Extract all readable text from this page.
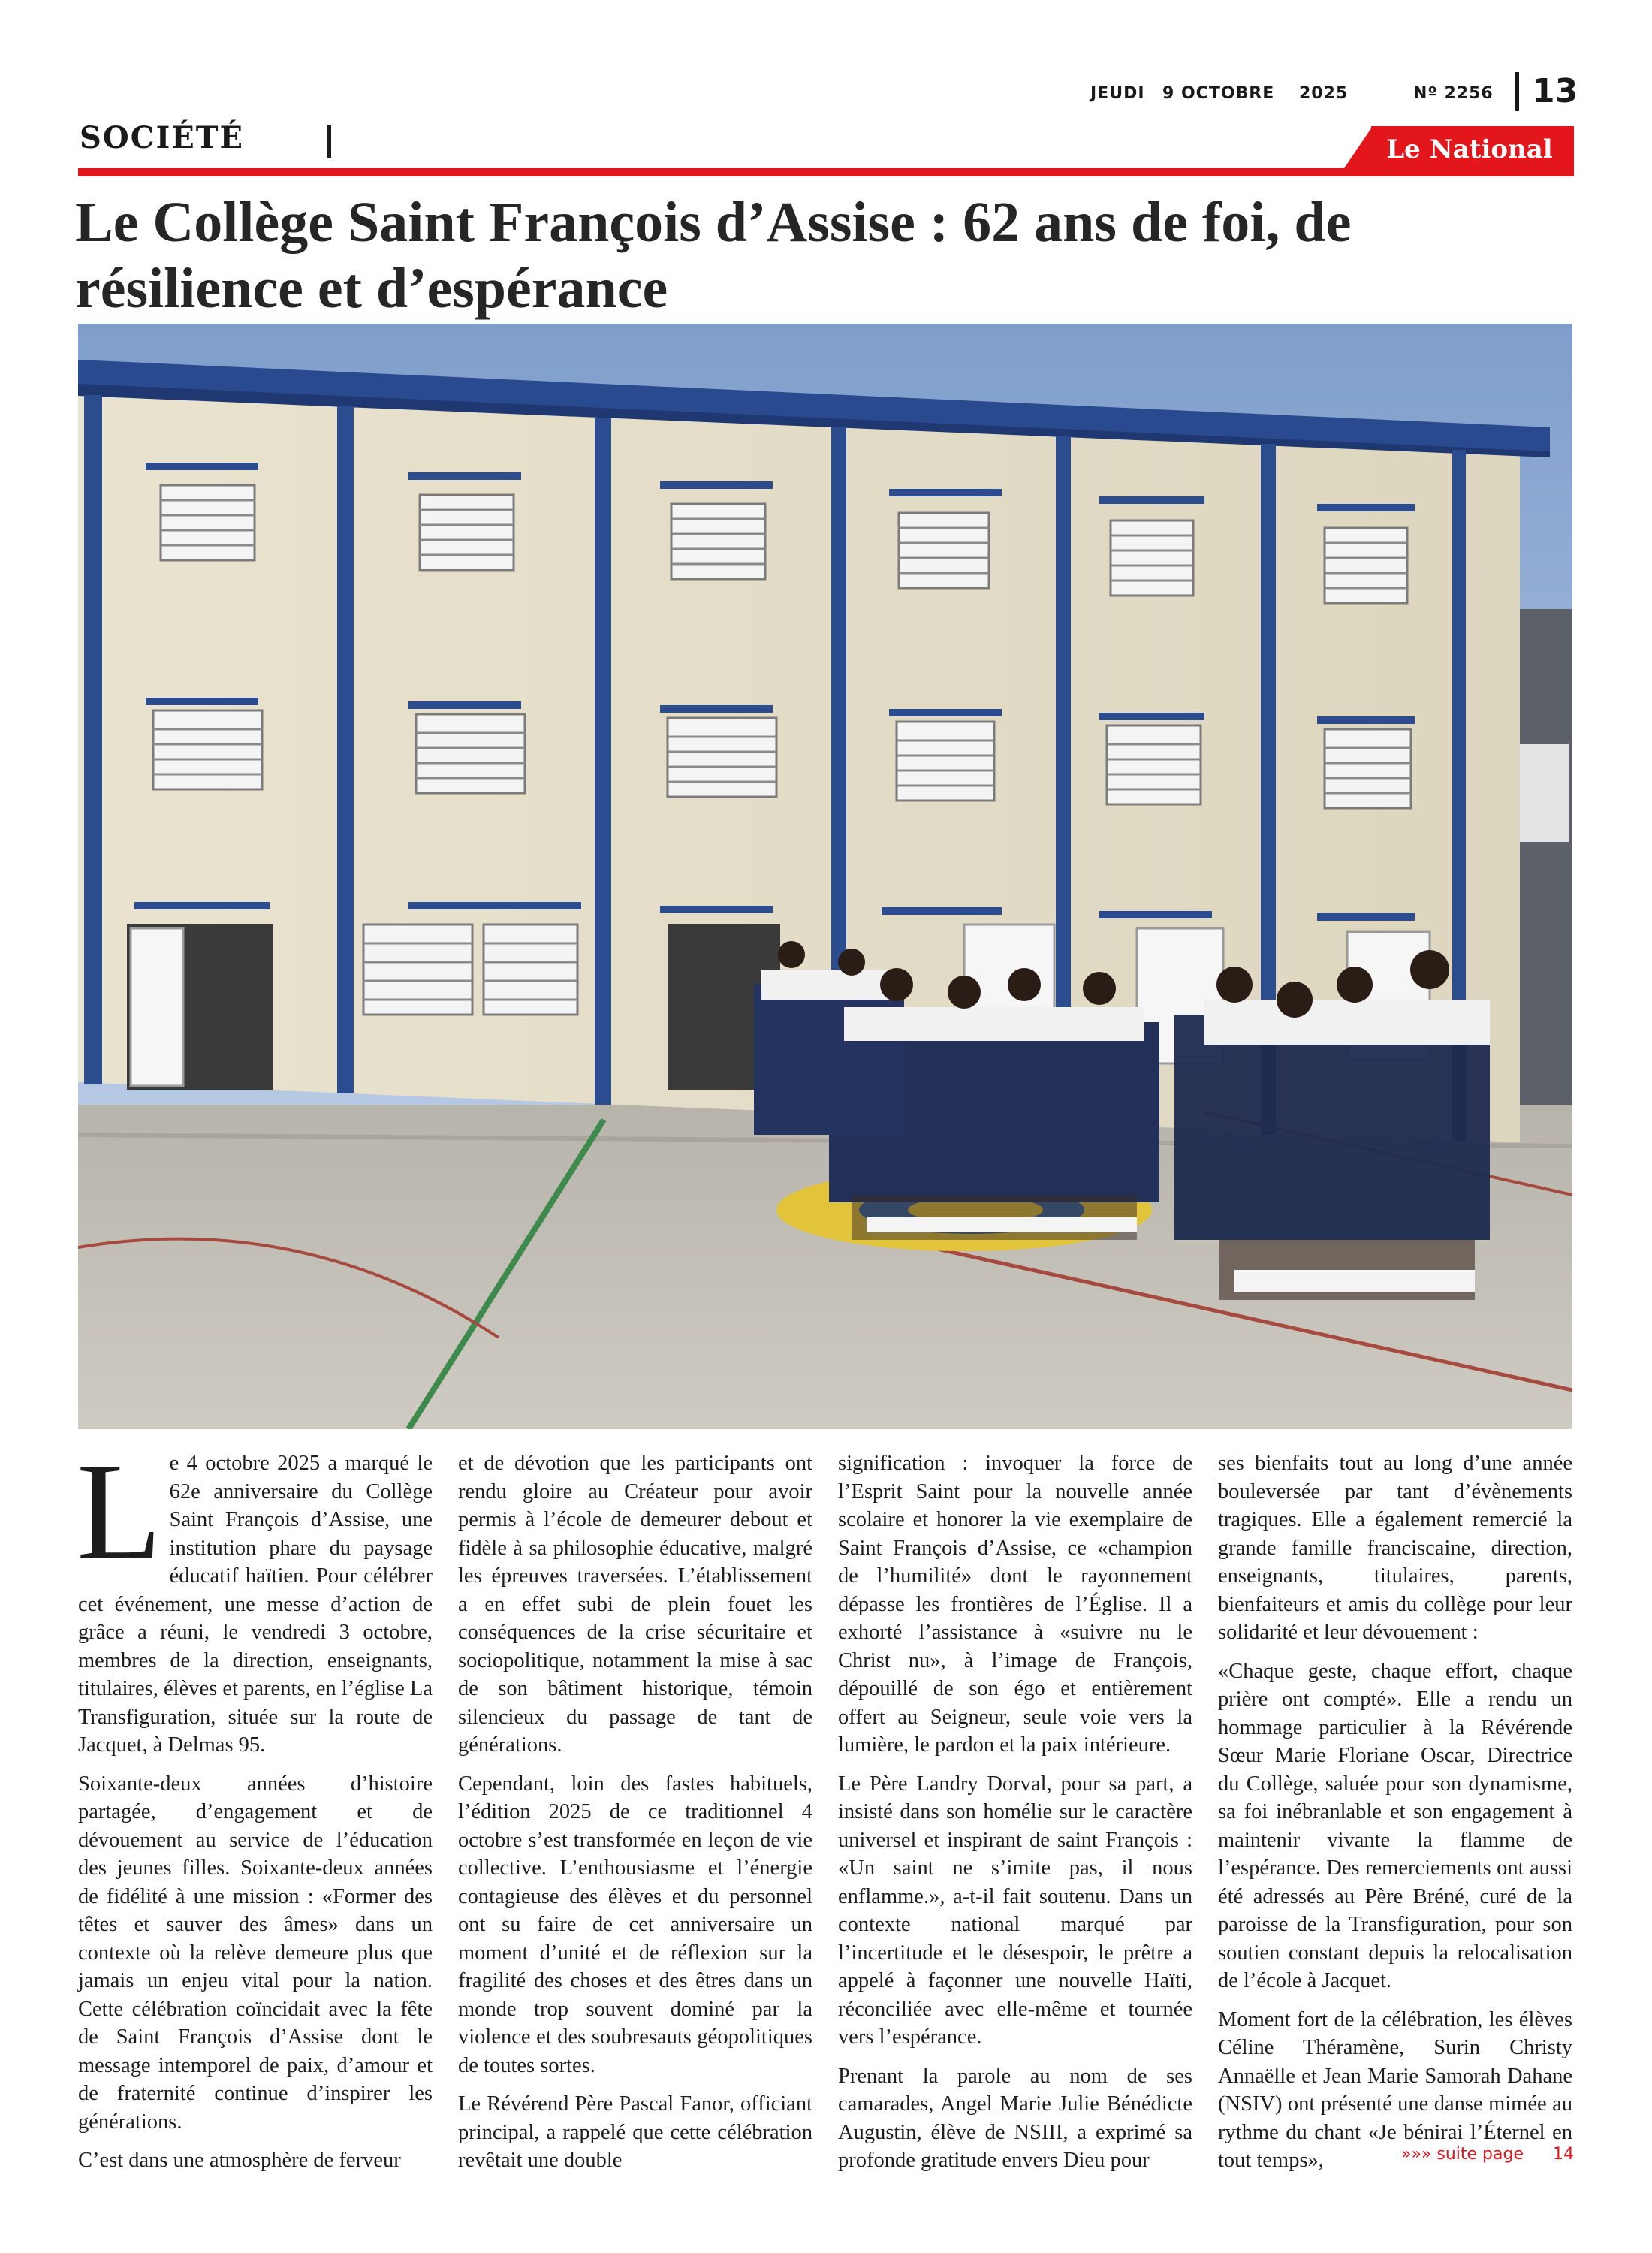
JEUDI 9 OCTOBRE 2025	Nº 2256 13
SOCIÉTÉ	Le National
Le Collège Saint François d’Assise : 62 ans de foi, de
résilience et d’espérance

Le 4 octobre 2025 a marqué le 62e anniversaire du Collège Saint François d’Assise, une institution phare du paysage éducatif haïtien. Pour célébrer cet événement, une messe d’action de grâce a réuni, le vendredi 3 octobre, membres de la direction, enseignants, titulaires, élèves et parents, en l’église La Transfiguration, située sur la route de Jacquet, à Delmas 95.

Soixante-deux années d’histoire partagée, d’engagement et de dévouement au service de l’éducation des jeunes filles. Soixante-deux années de fidélité à une mission : «Former des têtes et sauver des âmes» dans un contexte où la relève demeure plus que jamais un enjeu vital pour la nation. Cette célébration coïncidait avec la fête de Saint François d’Assise dont le message intemporel de paix, d’amour et de fraternité continue d’inspirer les générations.

C’est dans une atmosphère de ferveur

et de dévotion que les participants ont rendu gloire au Créateur pour avoir permis à l’école de demeurer debout et fidèle à sa philosophie éducative, malgré les épreuves traversées. L’établissement a en effet subi de plein fouet les conséquences de la crise sécuritaire et sociopolitique, notamment la mise à sac de son bâtiment historique, témoin silencieux du passage de tant de générations.

Cependant, loin des fastes habituels, l’édition 2025 de ce traditionnel 4 octobre s’est transformée en leçon de vie collective. L’enthousiasme et l’énergie contagieuse des élèves et du personnel ont su faire de cet anniversaire un moment d’unité et de réflexion sur la fragilité des choses et des êtres dans un monde trop souvent dominé par la violence et des soubresauts géopolitiques de toutes sortes.

Le Révérend Père Pascal Fanor, officiant principal, a rappelé que cette célébration revêtait une double

signification : invoquer la force de l’Esprit Saint pour la nouvelle année scolaire et honorer la vie exemplaire de Saint François d’Assise, ce «champion de l’humilité» dont le rayonnement dépasse les frontières de l’Église. Il a exhorté l’assistance à «suivre nu le Christ nu», à l’image de François, dépouillé de son égo et entièrement offert au Seigneur, seule voie vers la lumière, le pardon et la paix intérieure.

Le Père Landry Dorval, pour sa part, a insisté dans son homélie sur le caractère universel et inspirant de saint François : «Un saint ne s’imite pas, il nous enflamme.», a-t-il fait soutenu. Dans un contexte national marqué par l’incertitude et le désespoir, le prêtre a appelé à façonner une nouvelle Haïti, réconciliée avec elle-même et tournée vers l’espérance.

Prenant la parole au nom de ses camarades, Angel Marie Julie Bénédicte Augustin, élève de NSIII, a exprimé sa profonde gratitude envers Dieu pour

ses bienfaits tout au long d’une année bouleversée par tant d’évènements tragiques. Elle a également remercié la grande famille franciscaine, direction, enseignants, titulaires, parents, bienfaiteurs et amis du collège pour leur solidarité et leur dévouement :

«Chaque geste, chaque effort, chaque prière ont compté». Elle a rendu un hommage particulier à la Révérende Sœur Marie Floriane Oscar, Directrice du Collège, saluée pour son dynamisme, sa foi inébranlable et son engagement à maintenir vivante la flamme de l’espérance. Des remerciements ont aussi été adressés au Père Bréné, curé de la paroisse de la Transfiguration, pour son soutien constant depuis la relocalisation de l’école à Jacquet.

Moment fort de la célébration, les élèves Céline Théramène, Surin Christy Annaëlle et Jean Marie Samorah Dahane (NSIV) ont présenté une danse mimée au rythme du chant «Je bénirai l’Éternel en tout temps»,	»»» suite page 14
